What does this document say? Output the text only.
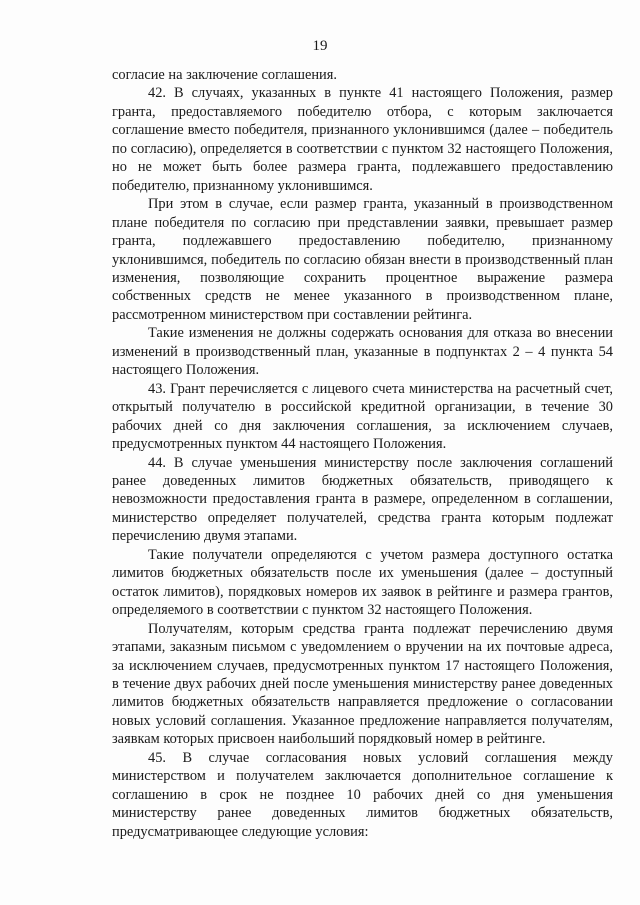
19

согласие на заключение соглашения.

42. В случаях, указанных в пункте 41 настоящего Положения, размер гранта, предоставляемого победителю отбора, с которым заключается соглашение вместо победителя, признанного уклонившимся (далее – победитель по согласию), определяется в соответствии с пунктом 32 настоящего Положения, но не может быть более размера гранта, подлежавшего предоставлению победителю, признанному уклонившимся.

При этом в случае, если размер гранта, указанный в производственном плане победителя по согласию при представлении заявки, превышает размер гранта, подлежавшего предоставлению победителю, признанному уклонившимся, победитель по согласию обязан внести в производственный план изменения, позволяющие сохранить процентное выражение размера собственных средств не менее указанного в производственном плане, рассмотренном министерством при составлении рейтинга.

Такие изменения не должны содержать основания для отказа во внесении изменений в производственный план, указанные в подпунктах 2 – 4 пункта 54 настоящего Положения.

43. Грант перечисляется с лицевого счета министерства на расчетный счет, открытый получателю в российской кредитной организации, в течение 30 рабочих дней со дня заключения соглашения, за исключением случаев, предусмотренных пунктом 44 настоящего Положения.

44. В случае уменьшения министерству после заключения соглашений ранее доведенных лимитов бюджетных обязательств, приводящего к невозможности предоставления гранта в размере, определенном в соглашении, министерство определяет получателей, средства гранта которым подлежат перечислению двумя этапами.

Такие получатели определяются с учетом размера доступного остатка лимитов бюджетных обязательств после их уменьшения (далее – доступный остаток лимитов), порядковых номеров их заявок в рейтинге и размера грантов, определяемого в соответствии с пунктом 32 настоящего Положения.

Получателям, которым средства гранта подлежат перечислению двумя этапами, заказным письмом с уведомлением о вручении на их почтовые адреса, за исключением случаев, предусмотренных пунктом 17 настоящего Положения, в течение двух рабочих дней после уменьшения министерству ранее доведенных лимитов бюджетных обязательств направляется предложение о согласовании новых условий соглашения. Указанное предложение направляется получателям, заявкам которых присвоен наибольший порядковый номер в рейтинге.

45. В случае согласования новых условий соглашения между министерством и получателем заключается дополнительное соглашение к соглашению в срок не позднее 10 рабочих дней со дня уменьшения министерству ранее доведенных лимитов бюджетных обязательств, предусматривающее следующие условия:
